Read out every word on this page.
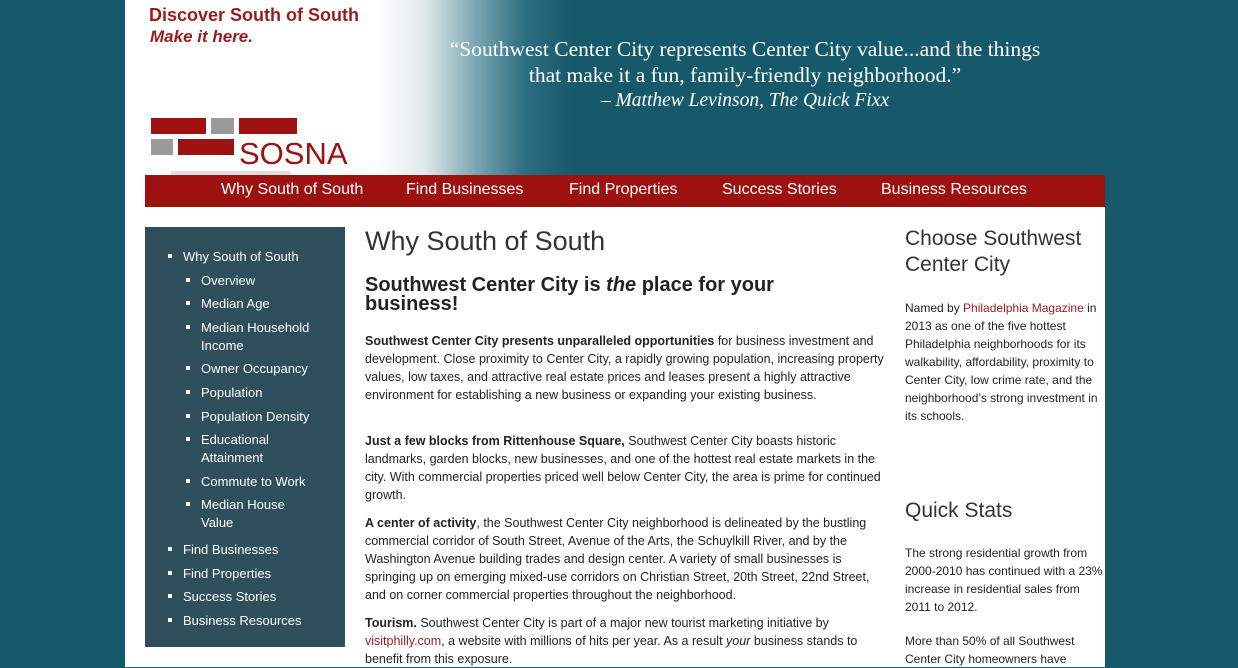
Discover South of South
Make it here.
SOSNA
“Southwest Center City represents Center City value...and the things
that make it a fun, family-friendly neighborhood.”
– Matthew Levinson, The Quick Fixx
Why South of South	Find Businesses	Find Properties	Success Stories	Business Resources
Why South of South
Overview
Median Age
Median Household Income
Owner Occupancy
Population
Population Density
Educational Attainment
Commute to Work
Median House Value
Find Businesses
Find Properties
Success Stories
Business Resources
Why South of South
Southwest Center City is the place for your business!
Southwest Center City presents unparalleled opportunities for business investment and development. Close proximity to Center City, a rapidly growing population, increasing property values, low taxes, and attractive real estate prices and leases present a highly attractive environment for establishing a new business or expanding your existing business.
Just a few blocks from Rittenhouse Square, Southwest Center City boasts historic landmarks, garden blocks, new businesses, and one of the hottest real estate markets in the city. With commercial properties priced well below Center City, the area is prime for continued growth.
A center of activity, the Southwest Center City neighborhood is delineated by the bustling commercial corridor of South Street, Avenue of the Arts, the Schuylkill River, and by the Washington Avenue building trades and design center. A variety of small businesses is springing up on emerging mixed-use corridors on Christian Street, 20th Street, 22nd Street, and on corner commercial properties throughout the neighborhood.
Tourism. Southwest Center City is part of a major new tourist marketing initiative by visitphilly.com, a website with millions of hits per year. As a result your business stands to benefit from this exposure.
Choose Southwest Center City
Named by Philadelphia Magazine in 2013 as one of the five hottest Philadelphia neighborhoods for its walkability, affordability, proximity to Center City, low crime rate, and the neighborhood’s strong investment in its schools.
Quick Stats
The strong residential growth from 2000-2010 has continued with a 23% increase in residential sales from 2011 to 2012.
More than 50% of all Southwest Center City homeowners have
